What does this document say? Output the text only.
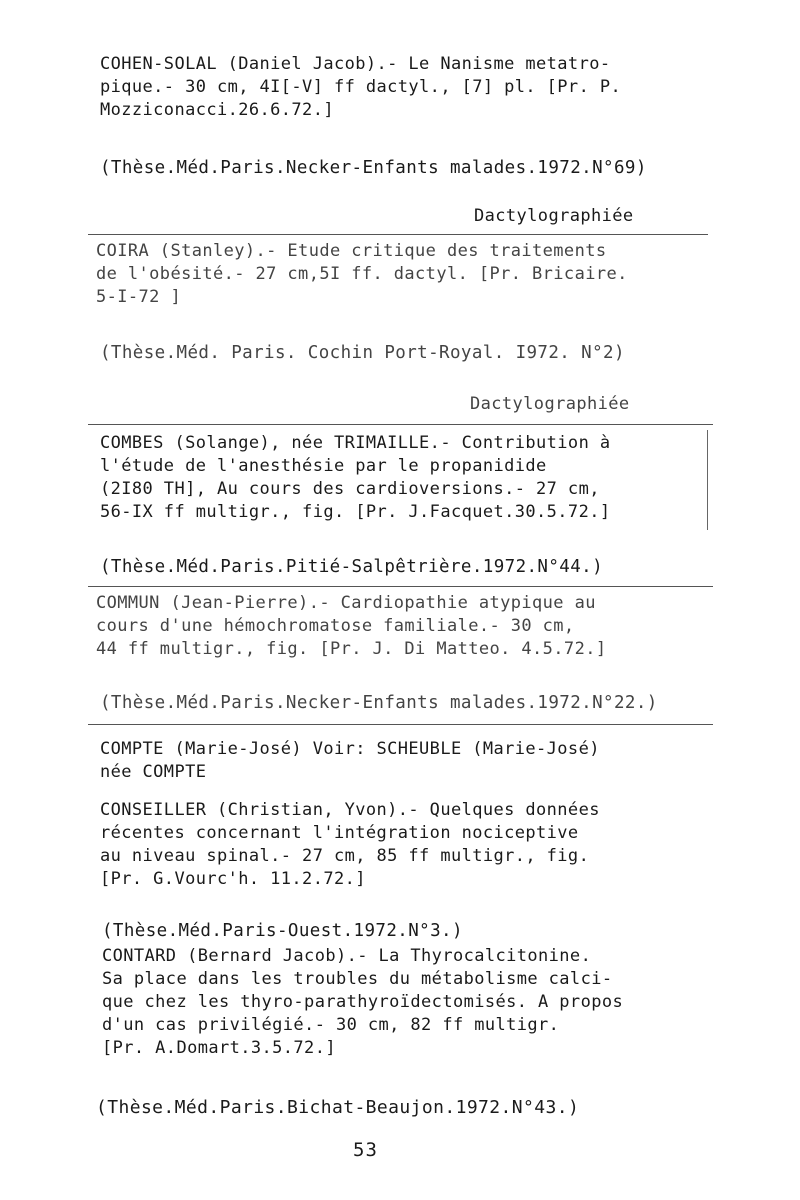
COHEN-SOLAL (Daniel Jacob).- Le Nanisme metatro-
pique.- 30 cm, 4I[-V] ff dactyl., [7] pl. [Pr. P.
Mozziconacci.26.6.72.]
(Thèse.Méd.Paris.Necker-Enfants malades.1972.N°69)
Dactylographiée
COIRA (Stanley).- Etude critique des traitements
de l'obésité.- 27 cm,5I ff. dactyl. [Pr. Bricaire.
5-I-72 ]
(Thèse.Méd. Paris. Cochin Port-Royal. I972. N°2)
Dactylographiée
COMBES (Solange), née TRIMAILLE.- Contribution à
l'étude de l'anesthésie par le propanidide
(2I80 TH], Au cours des cardioversions.- 27 cm,
56-IX ff multigr., fig. [Pr. J.Facquet.30.5.72.]
(Thèse.Méd.Paris.Pitié-Salpêtrière.1972.N°44.)
COMMUN (Jean-Pierre).- Cardiopathie atypique au
cours d'une hémochromatose familiale.- 30 cm,
44 ff multigr., fig. [Pr. J. Di Matteo. 4.5.72.]
(Thèse.Méd.Paris.Necker-Enfants malades.1972.N°22.)
COMPTE (Marie-José) Voir: SCHEUBLE (Marie-José)
née COMPTE
CONSEILLER (Christian, Yvon).- Quelques données
récentes concernant l'intégration nociceptive
au niveau spinal.- 27 cm, 85 ff multigr., fig.
[Pr. G.Vourc'h. 11.2.72.]
(Thèse.Méd.Paris-Ouest.1972.N°3.)
CONTARD (Bernard Jacob).- La Thyrocalcitonine.
Sa place dans les troubles du métabolisme calci-
que chez les thyro-parathyroïdectomisés. A propos
d'un cas privilégié.- 30 cm, 82 ff multigr.
[Pr. A.Domart.3.5.72.]
(Thèse.Méd.Paris.Bichat-Beaujon.1972.N°43.)
53
